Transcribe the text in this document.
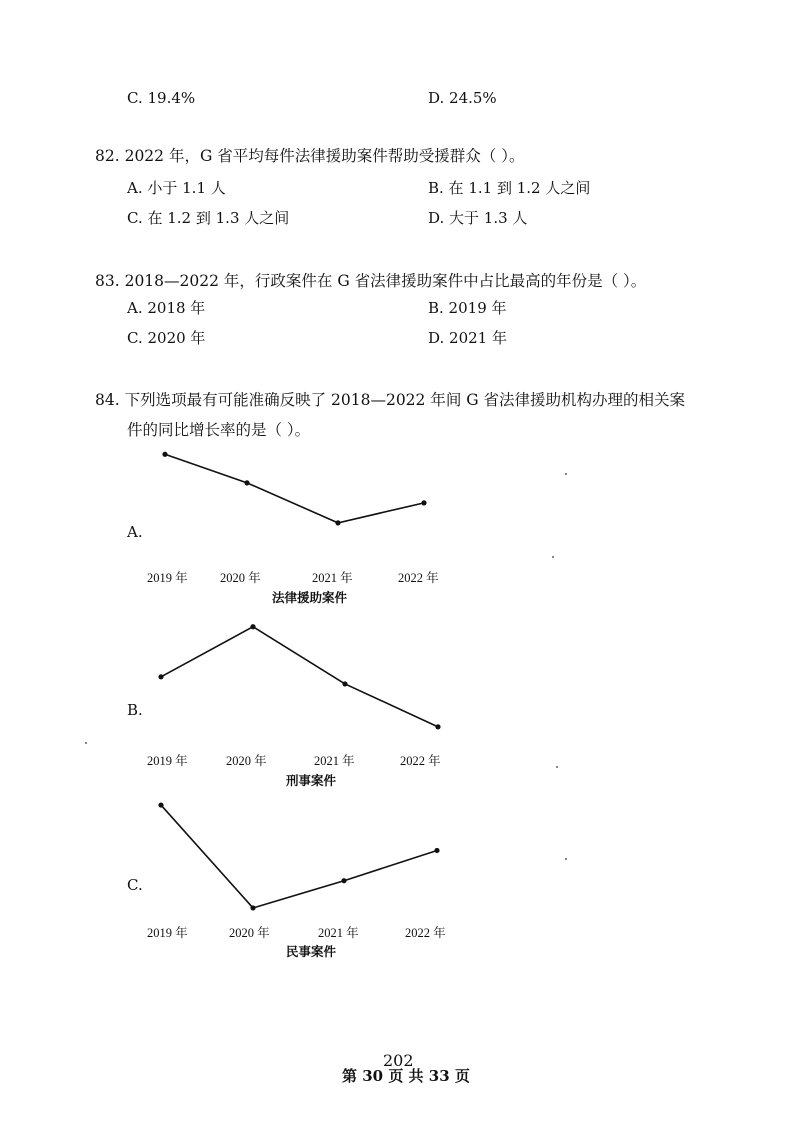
C. 19.4%	D. 24.5%
82. 2022 年，G 省平均每件法律援助案件帮助受援群众（ ）。
A. 小于 1.1 人	B. 在 1.1 到 1.2 人之间
C. 在 1.2 到 1.3 人之间	D. 大于 1.3 人
83. 2018—2022 年，行政案件在 G 省法律援助案件中占比最高的年份是（ ）。
A. 2018 年	B. 2019 年
C. 2020 年	D. 2021 年
84. 下列选项最有可能准确反映了 2018—2022 年间 G 省法律援助机构办理的相关案
件的同比增长率的是（ ）。
A.
B.
C.
2019 年	2020 年	2021 年	2022 年
法律援助案件
2019 年	2020 年	2021 年	2022 年
刑事案件
2019 年	2020 年	2021 年	2022 年
民事案件
202
第 30 页 共 33 页
